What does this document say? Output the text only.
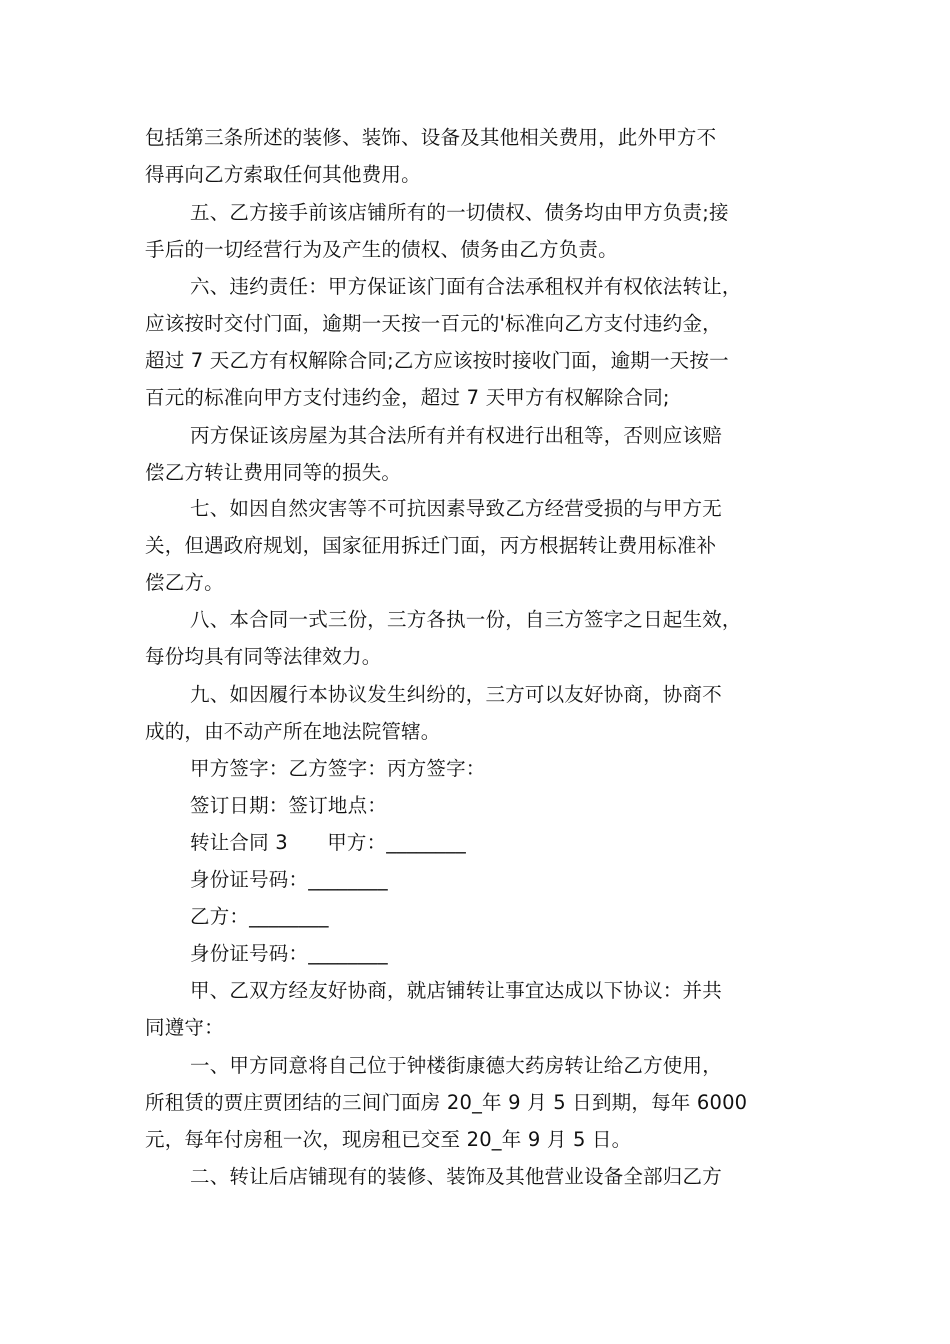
包括第三条所述的装修、装饰、设备及其他相关费用，此外甲方不
得再向乙方索取任何其他费用。
五、乙方接手前该店铺所有的一切债权、债务均由甲方负责;接
手后的一切经营行为及产生的债权、债务由乙方负责。
六、违约责任：甲方保证该门面有合法承租权并有权依法转让，
应该按时交付门面，逾期一天按一百元的'标准向乙方支付违约金，
超过 7 天乙方有权解除合同;乙方应该按时接收门面，逾期一天按一
百元的标准向甲方支付违约金，超过 7 天甲方有权解除合同;
丙方保证该房屋为其合法所有并有权进行出租等，否则应该赔
偿乙方转让费用同等的损失。
七、如因自然灾害等不可抗因素导致乙方经营受损的与甲方无
关，但遇政府规划，国家征用拆迁门面，丙方根据转让费用标准补
偿乙方。
八、本合同一式三份，三方各执一份，自三方签字之日起生效，
每份均具有同等法律效力。
九、如因履行本协议发生纠纷的，三方可以友好协商，协商不
成的，由不动产所在地法院管辖。
甲方签字：乙方签字：丙方签字：
签订日期：签订地点：
转让合同 3　　甲方：________
身份证号码：________
乙方：________
身份证号码：________
甲、乙双方经友好协商，就店铺转让事宜达成以下协议：并共
同遵守：
一、甲方同意将自己位于钟楼街康德大药房转让给乙方使用，
所租赁的贾庄贾团结的三间门面房 20_年 9 月 5 日到期，每年 6000
元，每年付房租一次，现房租已交至 20_年 9 月 5 日。
二、转让后店铺现有的装修、装饰及其他营业设备全部归乙方
